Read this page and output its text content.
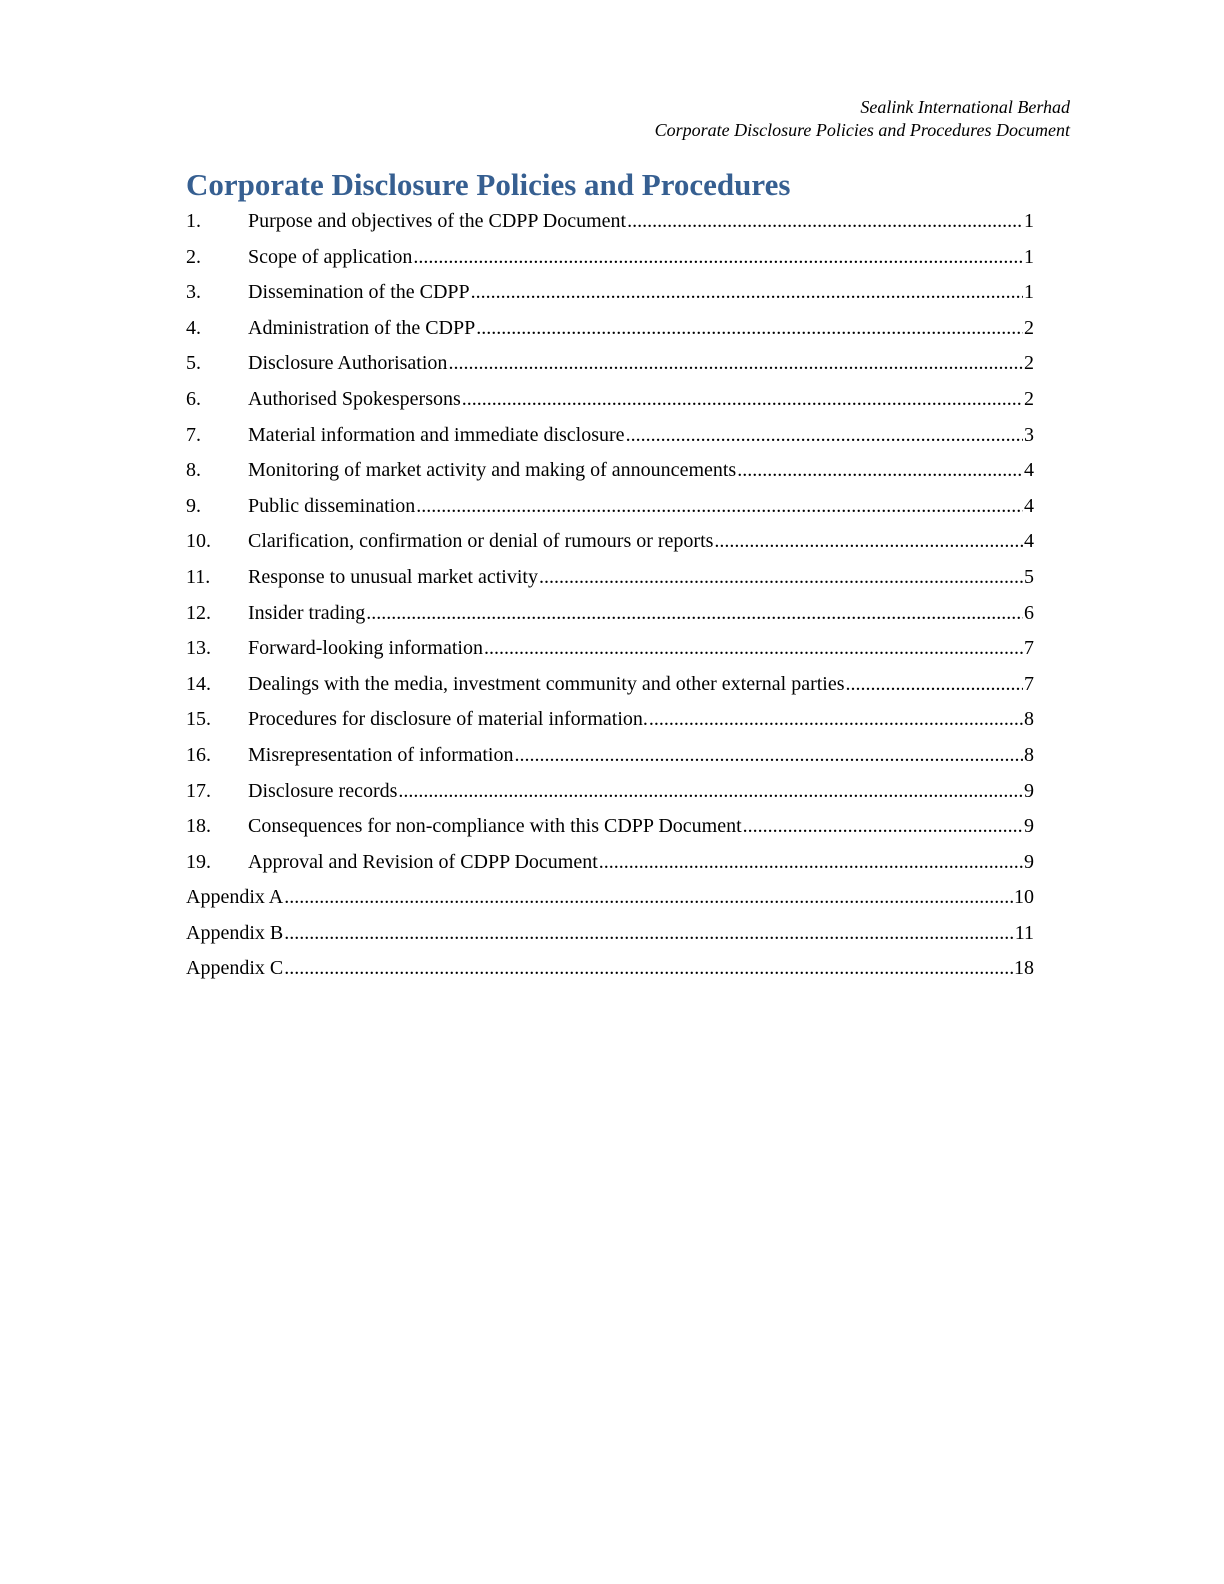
Sealink International Berhad
Corporate Disclosure Policies and Procedures Document
Corporate Disclosure Policies and Procedures
1.	Purpose and objectives of the CDPP Document .....	1
2.	Scope of application .....	1
3.	Dissemination of the CDPP .....	1
4.	Administration of the CDPP .....	2
5.	Disclosure Authorisation .....	2
6.	Authorised Spokespersons .....	2
7.	Material information and immediate disclosure .....	3
8.	Monitoring of market activity and making of announcements .....	4
9.	Public dissemination .....	4
10.	Clarification, confirmation or denial of rumours or reports .....	4
11.	Response to unusual market activity .....	5
12.	Insider trading .....	6
13.	Forward-looking information .....	7
14.	Dealings with the media, investment community and other external parties .....	7
15.	Procedures for disclosure of material information. .....	8
16.	Misrepresentation of information .....	8
17.	Disclosure records .....	9
18.	Consequences for non-compliance with this CDPP Document .....	9
19.	Approval and Revision of CDPP Document .....	9
Appendix A .....	10
Appendix B .....	11
Appendix C .....	18
